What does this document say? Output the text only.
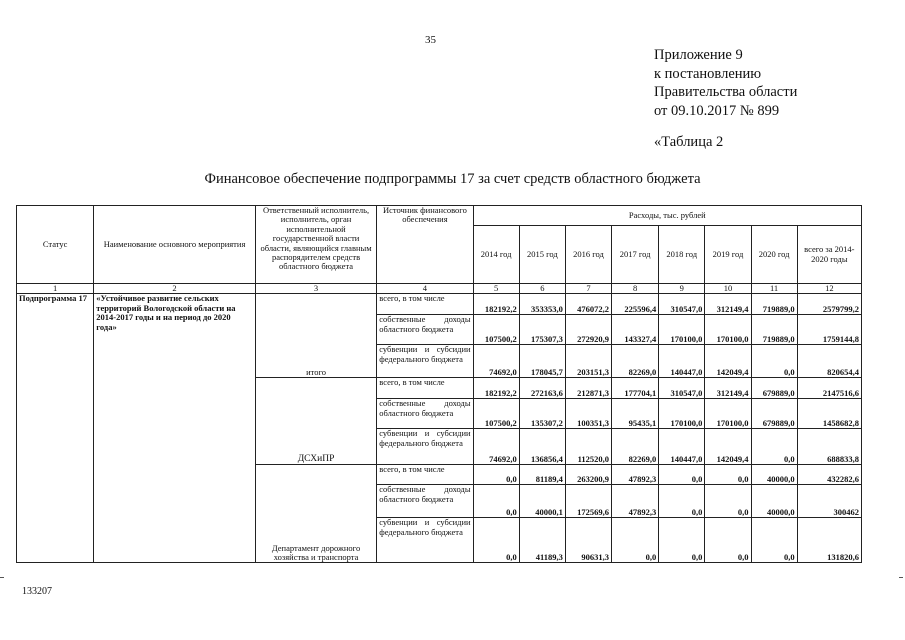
35
Приложение 9
к постановлению
Правительства области
от 09.10.2017 № 899
«Таблица 2
Финансовое обеспечение подпрограммы 17 за счет средств областного бюджета
Статус	Наименование основного мероприятия	Ответственный исполнитель, исполнитель, орган исполнительной государственной власти области, являющийся главным распорядителем средств областного бюджета	Источник финансового обеспечения	Расходы, тыс. рублей							
				2014 год	2015 год	2016 год	2017 год	2018 год	2019 год	2020 год	всего за 2014-2020 годы
1	2	3	4	5	6	7	8	9	10	11	12
Подпрограмма 17	«Устойчивое развитие сельских территорий Вологодской области на 2014-2017 годы и на период до 2020 года»	итого	всего, в том числе	182192,2	353353,0	476072,2	225596,4	310547,0	312149,4	719889,0	2579799,2
			собственные доходы областного бюджета	107500,2	175307,3	272920,9	143327,4	170100,0	170100,0	719889,0	1759144,8
			субвенции и субсидии федерального бюджета	74692,0	178045,7	203151,3	82269,0	140447,0	142049,4	0,0	820654,4
		ДСХиПР	всего, в том числе	182192,2	272163,6	212871,3	177704,1	310547,0	312149,4	679889,0	2147516,6
			собственные доходы областного бюджета	107500,2	135307,2	100351,3	95435,1	170100,0	170100,0	679889,0	1458682,8
			субвенции и субсидии федерального бюджета	74692,0	136856,4	112520,0	82269,0	140447,0	142049,4	0,0	688833,8
		Департамент дорожного хозяйства и транспорта	всего, в том числе	0,0	81189,4	263200,9	47892,3	0,0	0,0	40000,0	432282,6
			собственные доходы областного бюджета	0,0	40000,1	172569,6	47892,3	0,0	0,0	40000,0	300462
			субвенции и субсидии федерального бюджета	0,0	41189,3	90631,3	0,0	0,0	0,0	0,0	131820,6
133207
